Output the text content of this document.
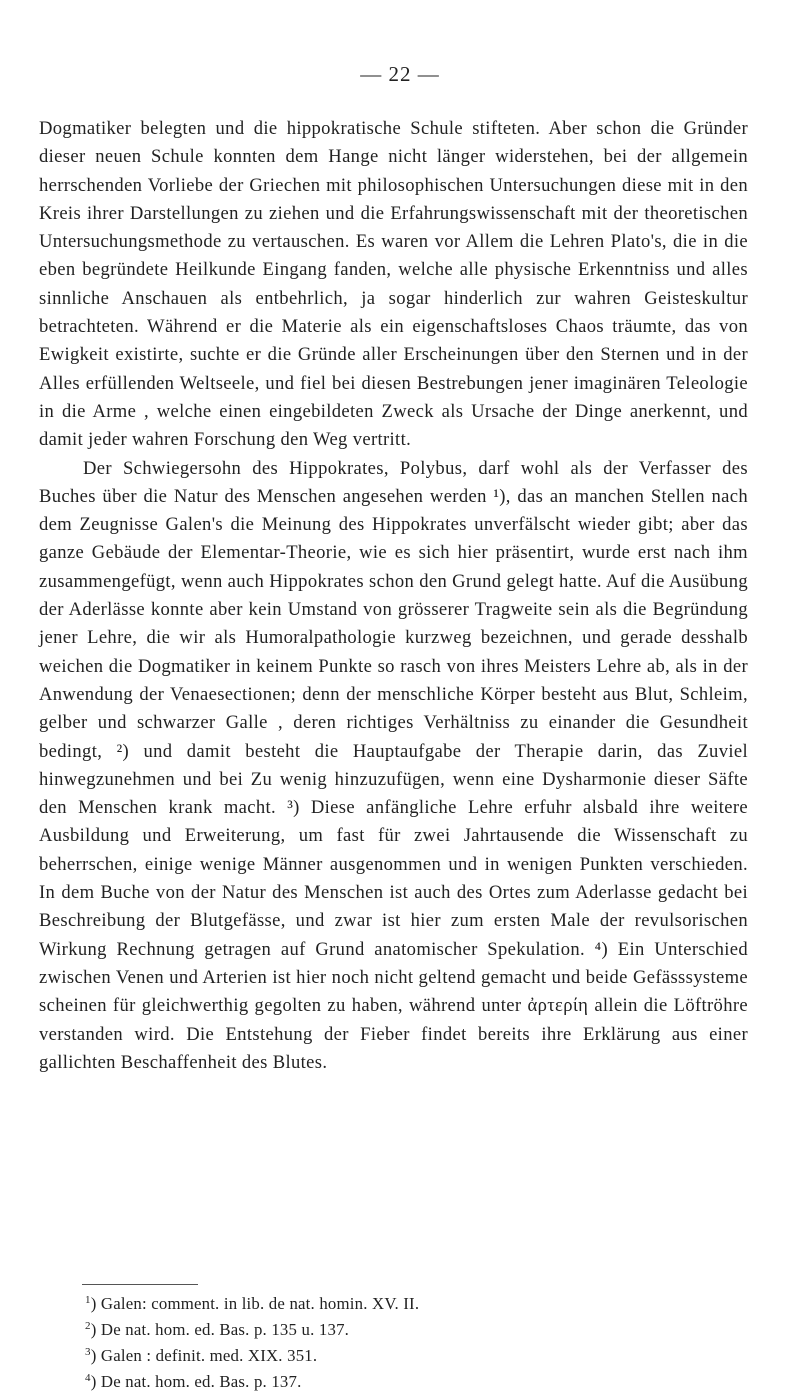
— 22 —

Dogmatiker belegten und die hippokratische Schule stifteten. Aber schon die Gründer dieser neuen Schule konnten dem Hange nicht länger widerstehen, bei der allgemein herrschenden Vorliebe der Griechen mit philosophischen Untersuchungen diese mit in den Kreis ihrer Darstellungen zu ziehen und die Erfahrungswissenschaft mit der theoretischen Untersuchungsmethode zu vertauschen. Es waren vor Allem die Lehren Plato's, die in die eben begründete Heilkunde Eingang fanden, welche alle physische Erkenntniss und alles sinnliche Anschauen als entbehrlich, ja sogar hinderlich zur wahren Geisteskultur betrachteten. Während er die Materie als ein eigenschaftsloses Chaos träumte, das von Ewigkeit existirte, suchte er die Gründe aller Erscheinungen über den Sternen und in der Alles erfüllenden Weltseele, und fiel bei diesen Bestrebungen jener imaginären Teleologie in die Arme , welche einen eingebildeten Zweck als Ursache der Dinge anerkennt, und damit jeder wahren Forschung den Weg vertritt.

Der Schwiegersohn des Hippokrates, Polybus, darf wohl als der Verfasser des Buches über die Natur des Menschen angesehen werden ¹), das an manchen Stellen nach dem Zeugnisse Galen's die Meinung des Hippokrates unverfälscht wieder gibt; aber das ganze Gebäude der Elementar-Theorie, wie es sich hier präsentirt, wurde erst nach ihm zusammengefügt, wenn auch Hippokrates schon den Grund gelegt hatte. Auf die Ausübung der Aderlässe konnte aber kein Umstand von grösserer Tragweite sein als die Begründung jener Lehre, die wir als Humoralpathologie kurzweg bezeichnen, und gerade desshalb weichen die Dogmatiker in keinem Punkte so rasch von ihres Meisters Lehre ab, als in der Anwendung der Venaesectionen; denn der menschliche Körper besteht aus Blut, Schleim, gelber und schwarzer Galle , deren richtiges Verhältniss zu einander die Gesundheit bedingt, ²) und damit besteht die Hauptaufgabe der Therapie darin, das Zuviel hinwegzunehmen und bei Zu wenig hinzuzufügen, wenn eine Dysharmonie dieser Säfte den Menschen krank macht. ³) Diese anfängliche Lehre erfuhr alsbald ihre weitere Ausbildung und Erweiterung, um fast für zwei Jahrtausende die Wissenschaft zu beherrschen, einige wenige Männer ausgenommen und in wenigen Punkten verschieden. In dem Buche von der Natur des Menschen ist auch des Ortes zum Aderlasse gedacht bei Beschreibung der Blutgefässe, und zwar ist hier zum ersten Male der revulsorischen Wirkung Rechnung getragen auf Grund anatomischer Spekulation. ⁴) Ein Unterschied zwischen Venen und Arterien ist hier noch nicht geltend gemacht und beide Gefässsysteme scheinen für gleichwerthig gegolten zu haben, während unter ἀρτερίη allein die Löftröhre verstanden wird. Die Entstehung der Fieber findet bereits ihre Erklärung aus einer gallichten Beschaffenheit des Blutes.

$^1$) Galen: comment. in lib. de nat. homin. XV. II.
$^2$) De nat. hom. ed. Bas. p. 135 u. 137.
$^3$) Galen : definit. med. XIX. 351.
$^4$) De nat. hom. ed. Bas. p. 137.
